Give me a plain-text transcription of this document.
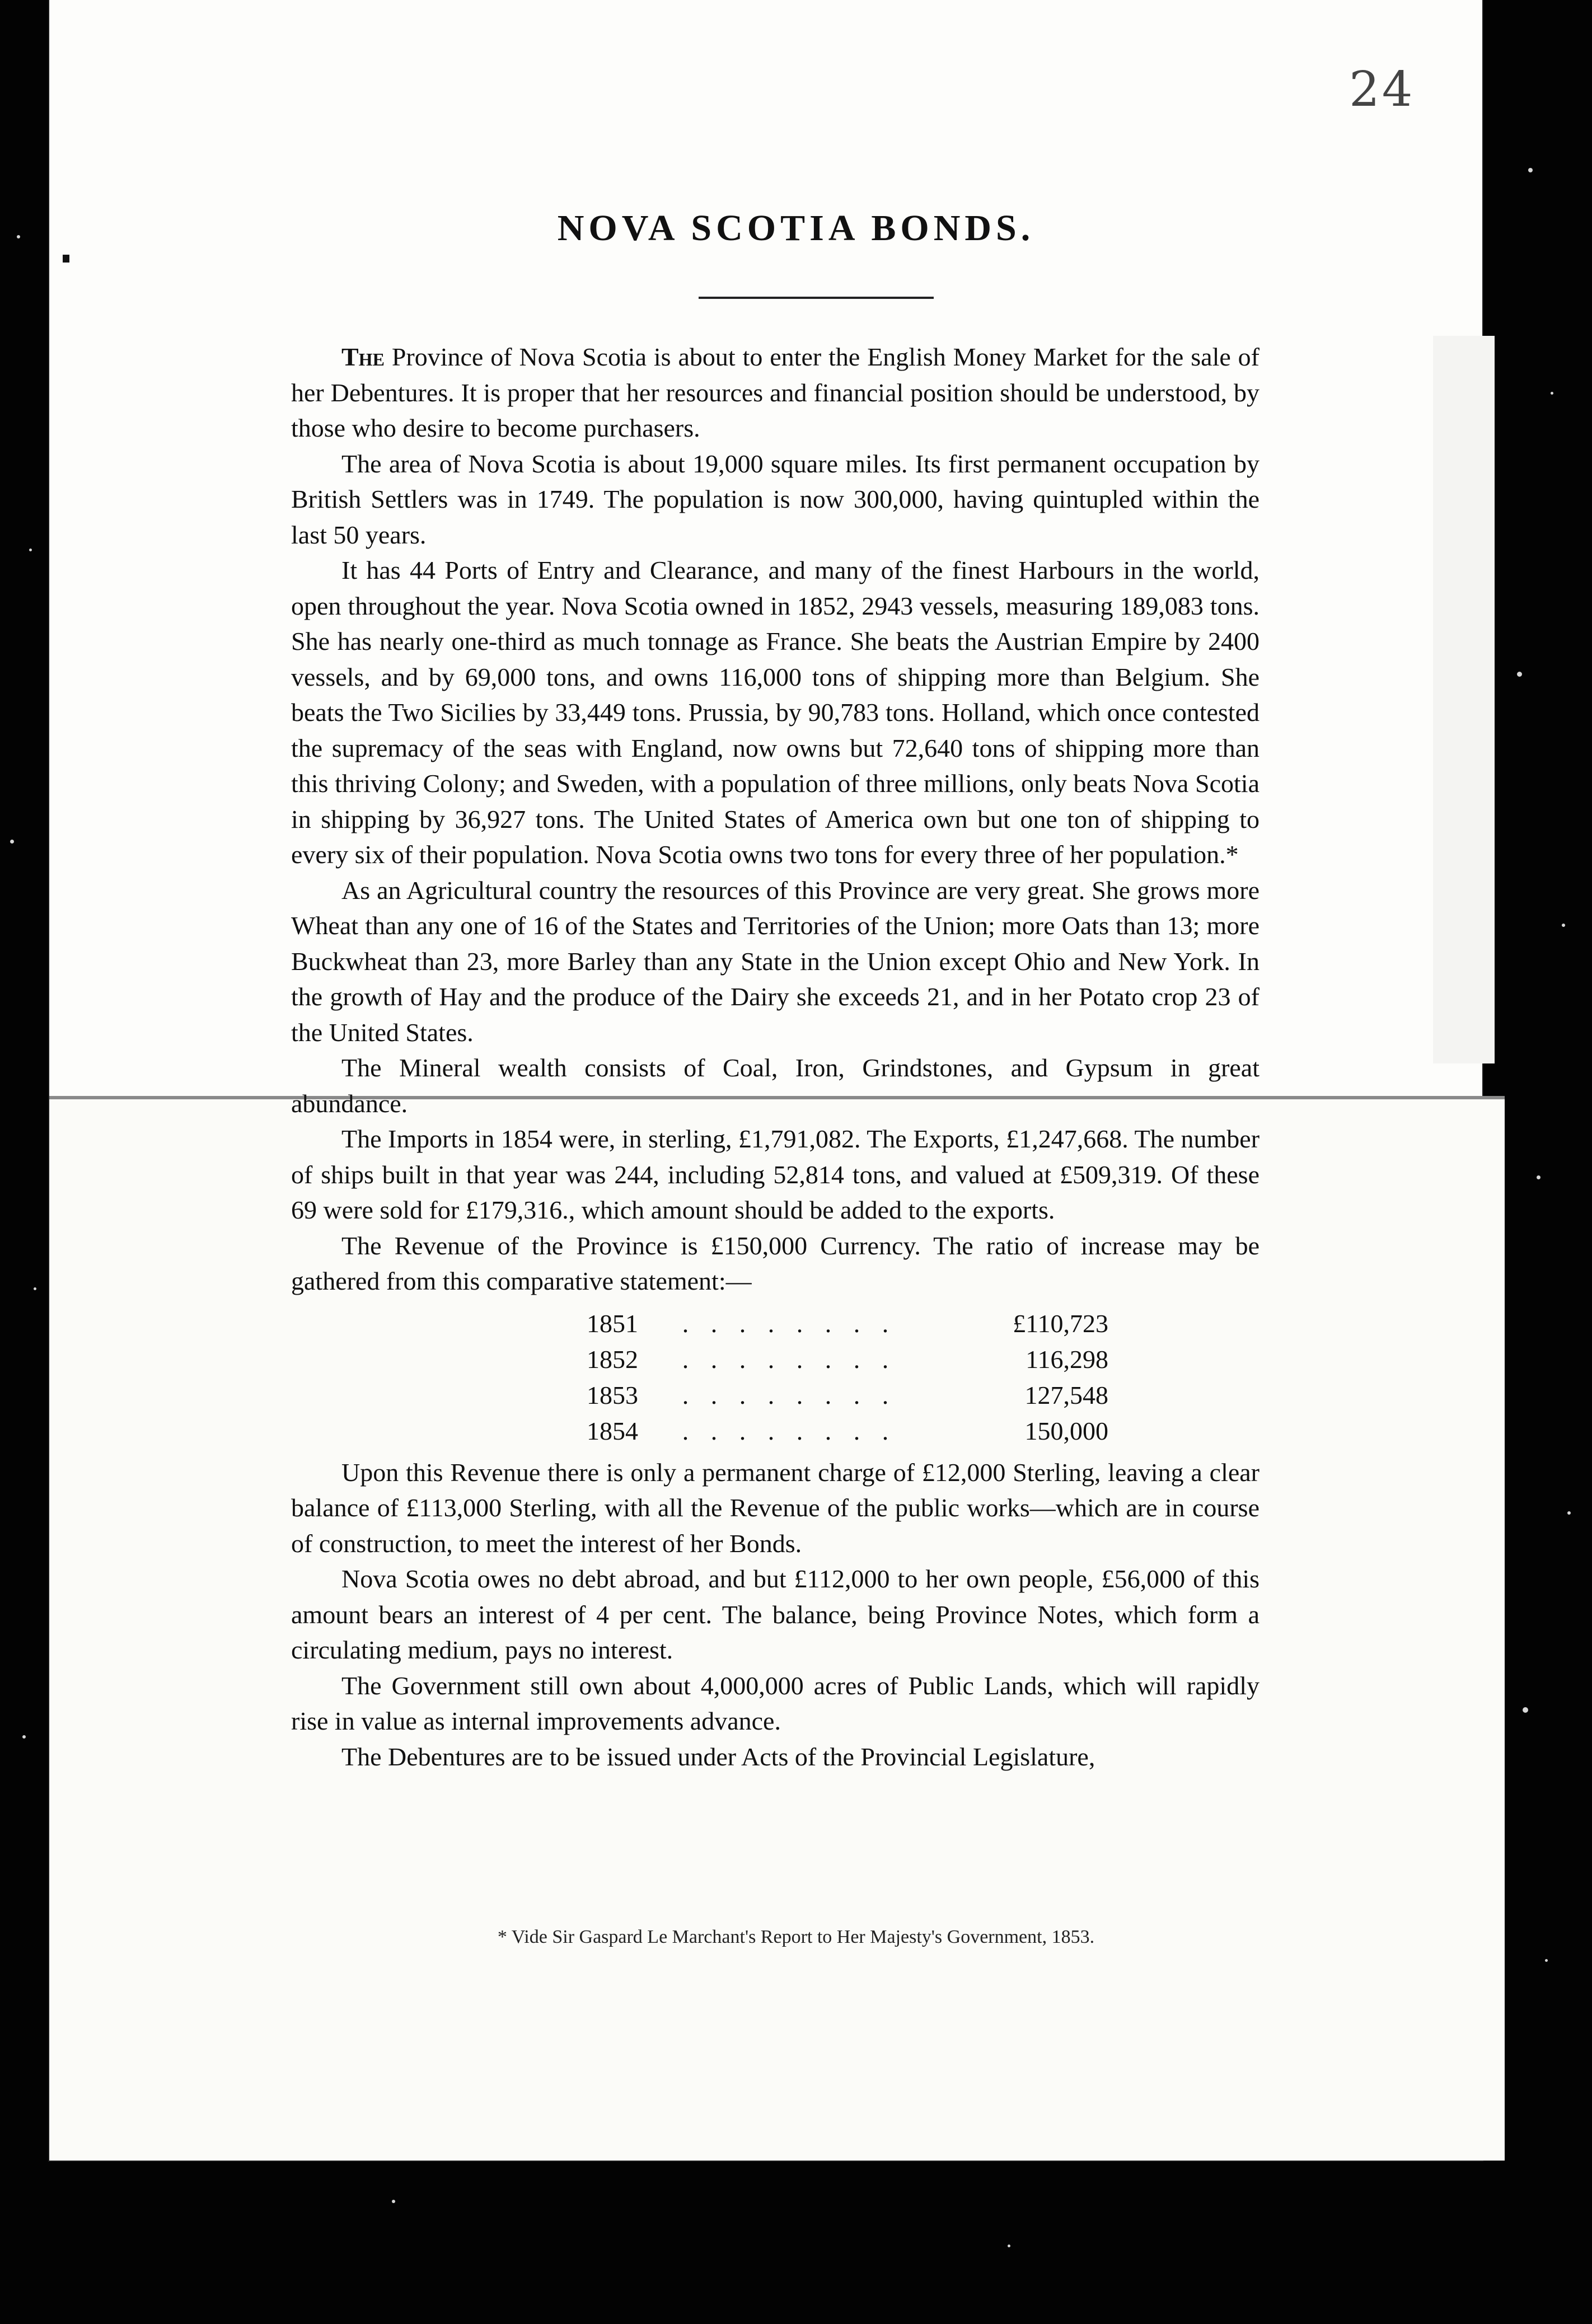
24
NOVA SCOTIA BONDS.

The Province of Nova Scotia is about to enter the English Money Market for the sale of her Debentures. It is proper that her resources and financial position should be understood, by those who desire to become purchasers.

The area of Nova Scotia is about 19,000 square miles. Its first permanent occupation by British Settlers was in 1749. The population is now 300,000, having quintupled within the last 50 years.

It has 44 Ports of Entry and Clearance, and many of the finest Harbours in the world, open throughout the year. Nova Scotia owned in 1852, 2943 vessels, measuring 189,083 tons. She has nearly one-third as much tonnage as France. She beats the Austrian Empire by 2400 vessels, and by 69,000 tons, and owns 116,000 tons of shipping more than Belgium. She beats the Two Sicilies by 33,449 tons. Prussia, by 90,783 tons. Holland, which once contested the supremacy of the seas with England, now owns but 72,640 tons of shipping more than this thriving Colony; and Sweden, with a population of three millions, only beats Nova Scotia in shipping by 36,927 tons. The United States of America own but one ton of shipping to every six of their population. Nova Scotia owns two tons for every three of her population.*

As an Agricultural country the resources of this Province are very great. She grows more Wheat than any one of 16 of the States and Territories of the Union; more Oats than 13; more Buckwheat than 23, more Barley than any State in the Union except Ohio and New York. In the growth of Hay and the produce of the Dairy she exceeds 21, and in her Potato crop 23 of the United States.

The Mineral wealth consists of Coal, Iron, Grindstones, and Gypsum in great abundance.

The Imports in 1854 were, in sterling, £1,791,082. The Exports, £1,247,668. The number of ships built in that year was 244, including 52,814 tons, and valued at £509,319. Of these 69 were sold for £179,316., which amount should be added to the exports.

The Revenue of the Province is £150,000 Currency. The ratio of increase may be gathered from this comparative statement:—

1851	. . . . . . . .	£110,723	
1852	. . . . . . . .	116,298	
1853	. . . . . . . .	127,548	
1854	. . . . . . . .	150,000	

Upon this Revenue there is only a permanent charge of £12,000 Sterling, leaving a clear balance of £113,000 Sterling, with all the Revenue of the public works—which are in course of construction, to meet the interest of her Bonds.

Nova Scotia owes no debt abroad, and but £112,000 to her own people, £56,000 of this amount bears an interest of 4 per cent. The balance, being Province Notes, which form a circulating medium, pays no interest.

The Government still own about 4,000,000 acres of Public Lands, which will rapidly rise in value as internal improvements advance.

The Debentures are to be issued under Acts of the Provincial Legislature,

* Vide Sir Gaspard Le Marchant's Report to Her Majesty's Government, 1853.
